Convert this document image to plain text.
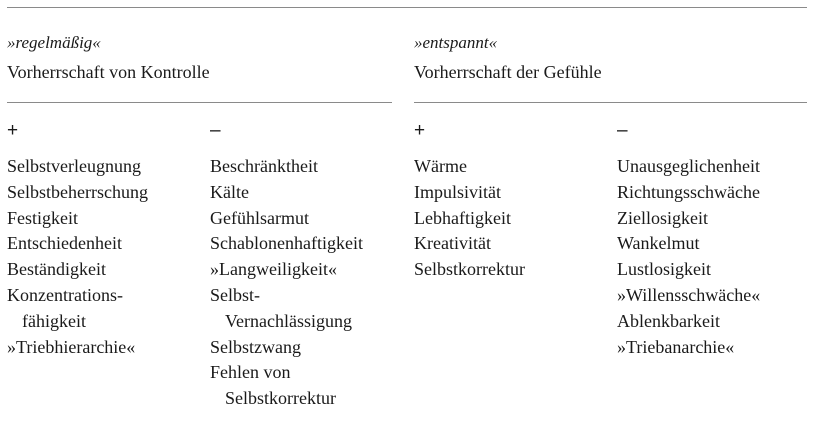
»regelmäßig«
Vorherrschaft von Kontrolle
+	–
Selbstverleugnung
Selbstbeherrschung
Festigkeit
Entschiedenheit
Beständigkeit
Konzentrations-
fähigkeit
»Triebhierarchie«
Beschränktheit
Kälte
Gefühlsarmut
Schablonenhaftigkeit
»Langweiligkeit«
Selbst-
Vernachlässigung
Selbstzwang
Fehlen von
Selbstkorrektur
»entspannt«
Vorherrschaft der Gefühle
+	–
Wärme
Impulsivität
Lebhaftigkeit
Kreativität
Selbstkorrektur
Unausgeglichenheit
Richtungsschwäche
Ziellosigkeit
Wankelmut
Lustlosigkeit
»Willensschwäche«
Ablenkbarkeit
»Triebanarchie«
